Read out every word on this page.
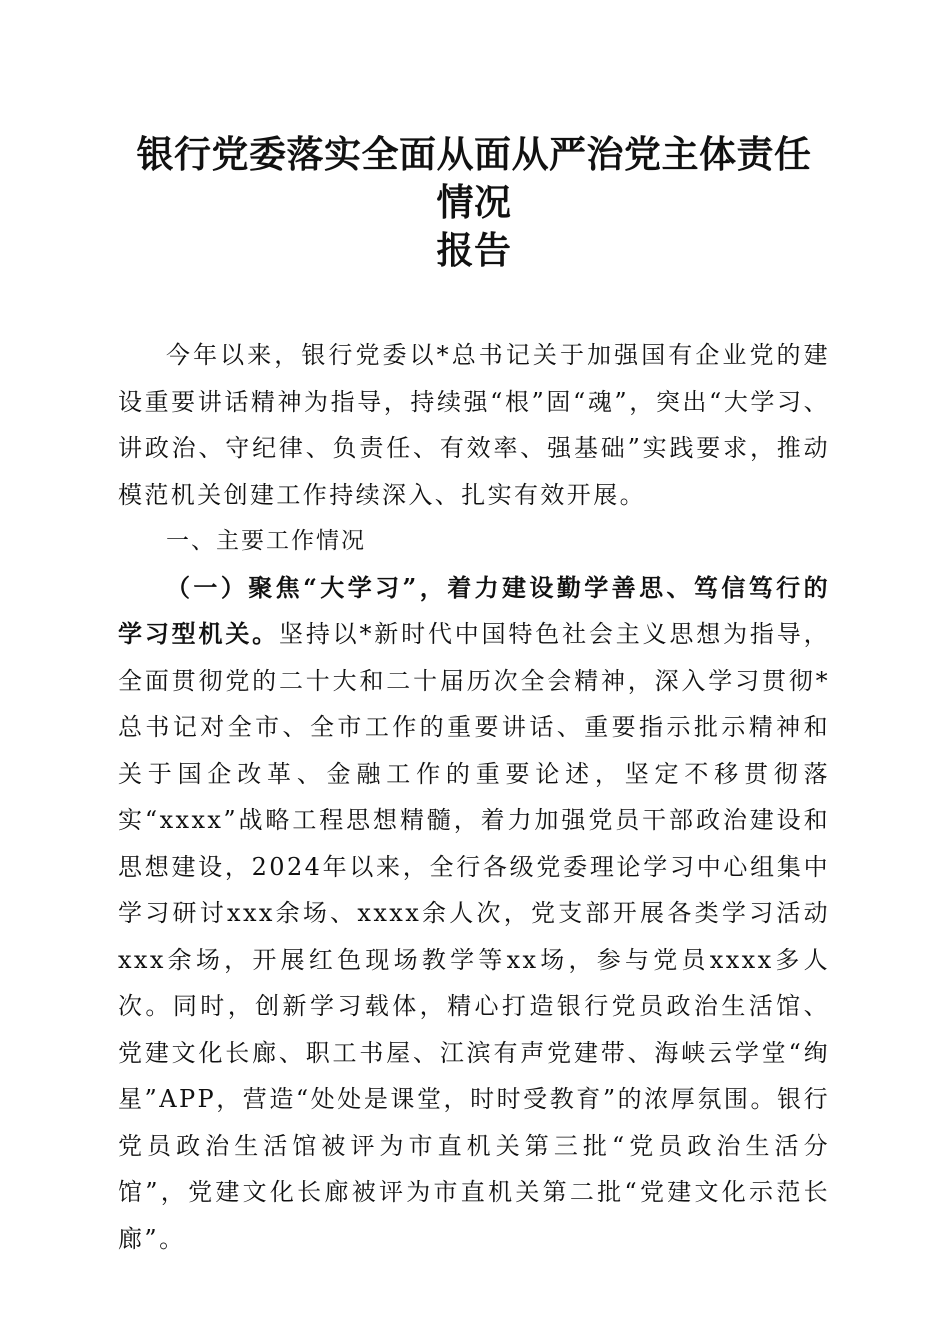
银行党委落实全面从面从严治党主体责任情况
报告

今年以来，银行党委以*总书记关于加强国有企业党的建设重要讲话精神为指导，持续强“根”固“魂”，突出“大学习、讲政治、守纪律、负责任、有效率、强基础”实践要求，推动模范机关创建工作持续深入、扎实有效开展。

一、主要工作情况

（一）聚焦“大学习”，着力建设勤学善思、笃信笃行的学习型机关。坚持以*新时代中国特色社会主义思想为指导，全面贯彻党的二十大和二十届历次全会精神，深入学习贯彻*总书记对全市、全市工作的重要讲话、重要指示批示精神和关于国企改革、金融工作的重要论述，坚定不移贯彻落实“xxxx”战略工程思想精髓，着力加强党员干部政治建设和思想建设，2024年以来，全行各级党委理论学习中心组集中学习研讨xxx余场、xxxx余人次，党支部开展各类学习活动xxx余场，开展红色现场教学等xx场，参与党员xxxx多人次。同时，创新学习载体，精心打造银行党员政治生活馆、党建文化长廊、职工书屋、江滨有声党建带、海峡云学堂“绚星”APP，营造“处处是课堂，时时受教育”的浓厚氛围。银行党员政治生活馆被评为市直机关第三批“党员政治生活分馆”，党建文化长廊被评为市直机关第二批“党建文化示范长廊”。
